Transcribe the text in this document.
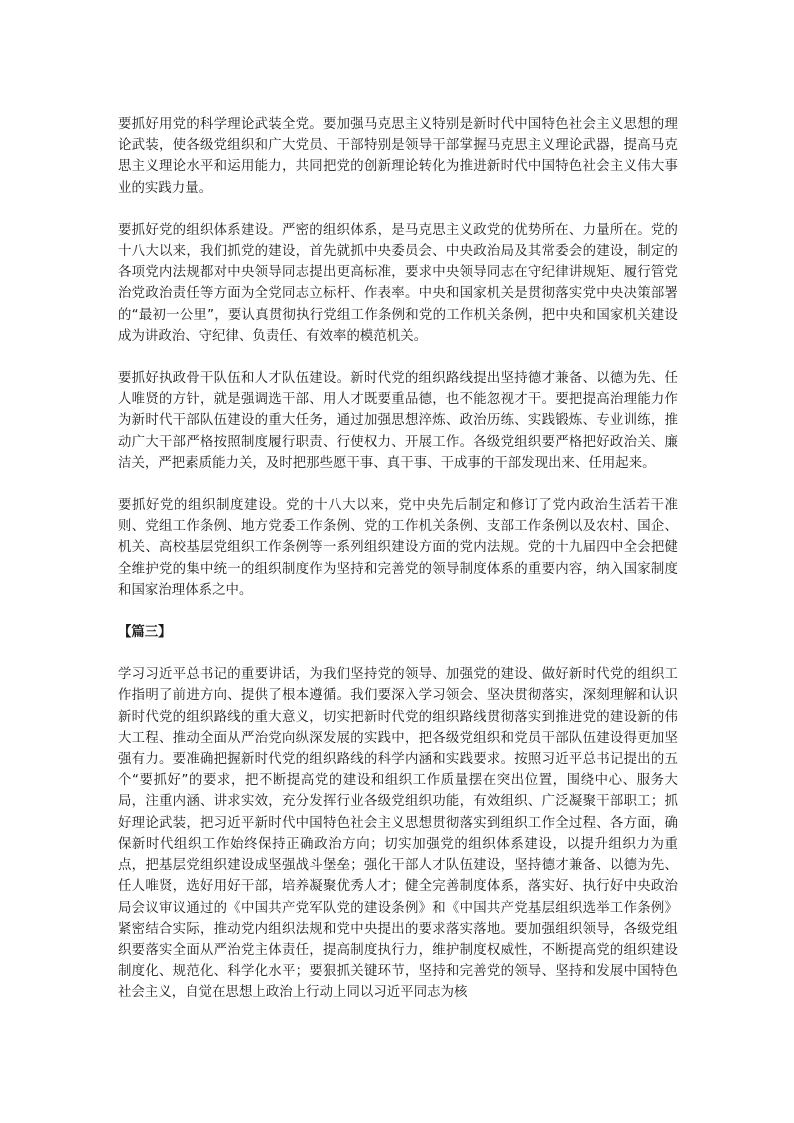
要抓好用党的科学理论武装全党。要加强马克思主义特别是新时代中国特色社会主义思想的理论武装，使各级党组织和广大党员、干部特别是领导干部掌握马克思主义理论武器，提高马克思主义理论水平和运用能力，共同把党的创新理论转化为推进新时代中国特色社会主义伟大事业的实践力量。

要抓好党的组织体系建设。严密的组织体系，是马克思主义政党的优势所在、力量所在。党的十八大以来，我们抓党的建设，首先就抓中央委员会、中央政治局及其常委会的建设，制定的各项党内法规都对中央领导同志提出更高标准，要求中央领导同志在守纪律讲规矩、履行管党治党政治责任等方面为全党同志立标杆、作表率。中央和国家机关是贯彻落实党中央决策部署的“最初一公里”，要认真贯彻执行党组工作条例和党的工作机关条例，把中央和国家机关建设成为讲政治、守纪律、负责任、有效率的模范机关。

要抓好执政骨干队伍和人才队伍建设。新时代党的组织路线提出坚持德才兼备、以德为先、任人唯贤的方针，就是强调选干部、用人才既要重品德，也不能忽视才干。要把提高治理能力作为新时代干部队伍建设的重大任务，通过加强思想淬炼、政治历练、实践锻炼、专业训练，推动广大干部严格按照制度履行职责、行使权力、开展工作。各级党组织要严格把好政治关、廉洁关，严把素质能力关，及时把那些愿干事、真干事、干成事的干部发现出来、任用起来。

要抓好党的组织制度建设。党的十八大以来，党中央先后制定和修订了党内政治生活若干准则、党组工作条例、地方党委工作条例、党的工作机关条例、支部工作条例以及农村、国企、机关、高校基层党组织工作条例等一系列组织建设方面的党内法规。党的十九届四中全会把健全维护党的集中统一的组织制度作为坚持和完善党的领导制度体系的重要内容，纳入国家制度和国家治理体系之中。

【篇三】

学习习近平总书记的重要讲话，为我们坚持党的领导、加强党的建设、做好新时代党的组织工作指明了前进方向、提供了根本遵循。我们要深入学习领会、坚决贯彻落实，深刻理解和认识新时代党的组织路线的重大意义，切实把新时代党的组织路线贯彻落实到推进党的建设新的伟大工程、推动全面从严治党向纵深发展的实践中，把各级党组织和党员干部队伍建设得更加坚强有力。要准确把握新时代党的组织路线的科学内涵和实践要求。按照习近平总书记提出的五个“要抓好”的要求，把不断提高党的建设和组织工作质量摆在突出位置，围绕中心、服务大局，注重内涵、讲求实效，充分发挥行业各级党组织功能，有效组织、广泛凝聚干部职工；抓好理论武装，把习近平新时代中国特色社会主义思想贯彻落实到组织工作全过程、各方面，确保新时代组织工作始终保持正确政治方向；切实加强党的组织体系建设，以提升组织力为重点，把基层党组织建设成坚强战斗堡垒；强化干部人才队伍建设，坚持德才兼备、以德为先、任人唯贤，选好用好干部，培养凝聚优秀人才；健全完善制度体系，落实好、执行好中央政治局会议审议通过的《中国共产党军队党的建设条例》和《中国共产党基层组织选举工作条例》紧密结合实际，推动党内组织法规和党中央提出的要求落实落地。要加强组织领导，各级党组织要落实全面从严治党主体责任，提高制度执行力，维护制度权威性，不断提高党的组织建设制度化、规范化、科学化水平；要狠抓关键环节，坚持和完善党的领导、坚持和发展中国特色社会主义，自觉在思想上政治上行动上同以习近平同志为核
